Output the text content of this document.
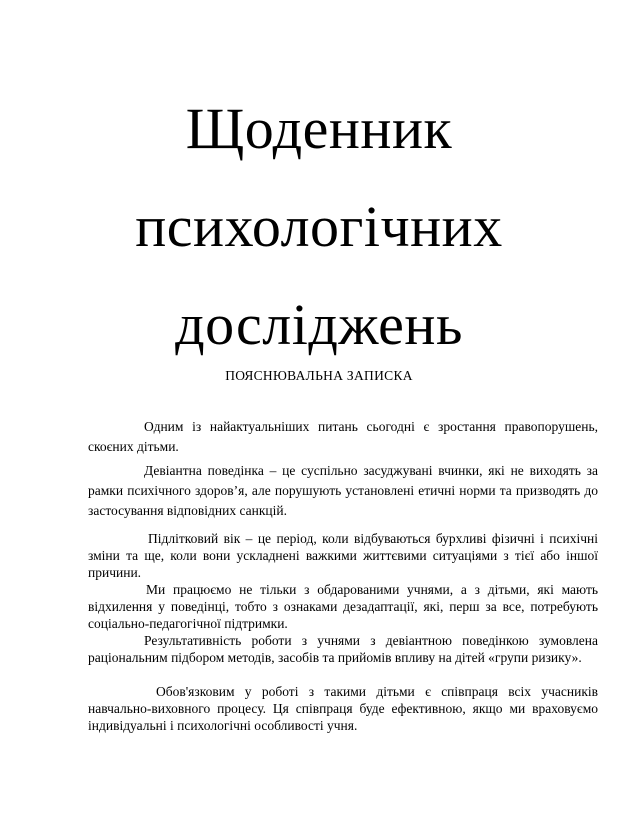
Щоденник
психологічних
досліджень
ПОЯСНЮВАЛЬНА ЗАПИСКА

Одним із найактуальніших питань сьогодні є зростання правопорушень, скоєних дітьми.

Девіантна поведінка – це суспільно засуджувані вчинки, які не виходять за рамки психічного здоров’я, але порушують установлені етичні норми та призводять до застосування відповідних санкцій.

Підлітковий вік – це період, коли відбуваються бурхливі фізичні і психічні зміни та ще, коли вони ускладнені важкими життєвими ситуаціями з тієї або іншої причини.

Ми працюємо не тільки з обдарованими учнями, а з дітьми, які мають відхилення у поведінці, тобто з ознаками дезадаптації, які, перш за все, потребують соціально-педагогічної підтримки.

Результативність роботи з учнями з девіантною поведінкою зумовлена раціональним підбором методів, засобів та прийомів впливу на дітей «групи ризику».

Обов'язковим у роботі з такими дітьми є співпраця всіх учасників навчально-виховного процесу. Ця співпраця буде ефективною, якщо ми враховуємо індивідуальні і психологічні особливості учня.
